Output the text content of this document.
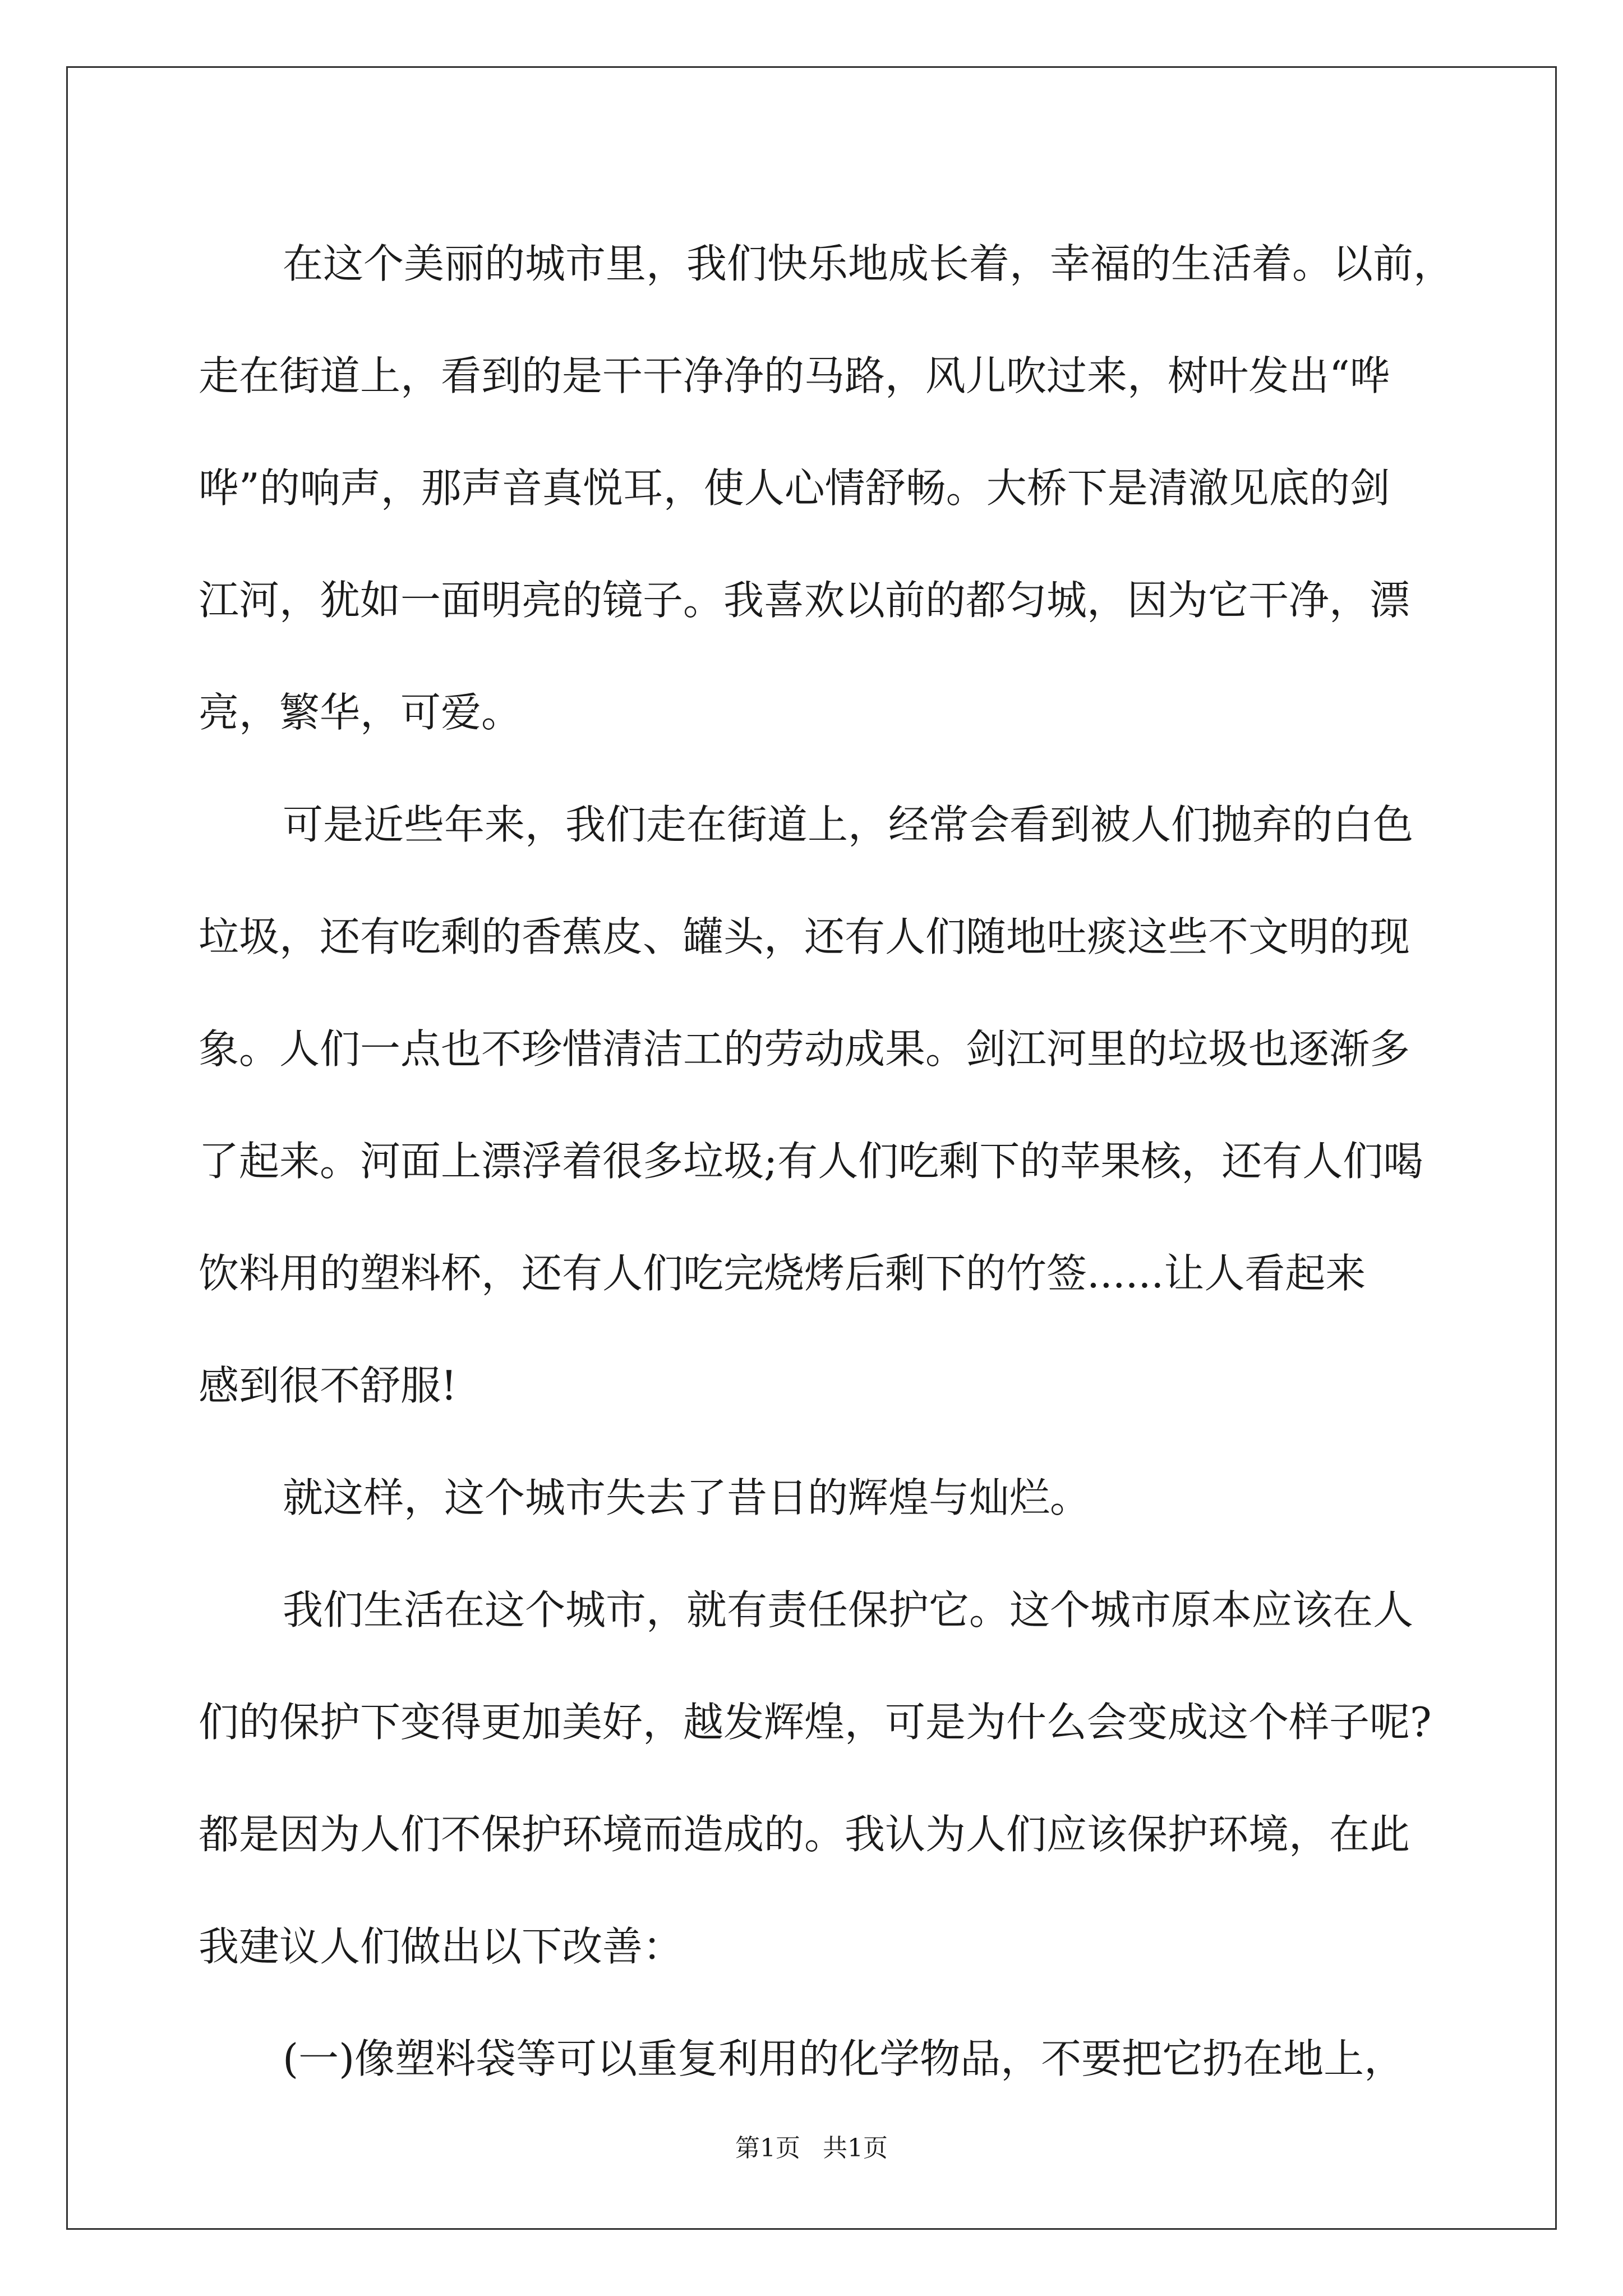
在这个美丽的城市里，我们快乐地成长着，幸福的生活着。以前，
走在街道上，看到的是干干净净的马路，风儿吹过来，树叶发出“哗
哗”的响声，那声音真悦耳，使人心情舒畅。大桥下是清澈见底的剑
江河，犹如一面明亮的镜子。我喜欢以前的都匀城，因为它干净，漂
亮，繁华，可爱。
可是近些年来，我们走在街道上，经常会看到被人们抛弃的白色
垃圾，还有吃剩的香蕉皮、罐头，还有人们随地吐痰这些不文明的现
象。人们一点也不珍惜清洁工的劳动成果。剑江河里的垃圾也逐渐多
了起来。河面上漂浮着很多垃圾;有人们吃剩下的苹果核，还有人们喝
饮料用的塑料杯，还有人们吃完烧烤后剩下的竹签......让人看起来
感到很不舒服!
就这样，这个城市失去了昔日的辉煌与灿烂。
我们生活在这个城市，就有责任保护它。这个城市原本应该在人
们的保护下变得更加美好，越发辉煌，可是为什么会变成这个样子呢?
都是因为人们不保护环境而造成的。我认为人们应该保护环境，在此
我建议人们做出以下改善：
(一)像塑料袋等可以重复利用的化学物品，不要把它扔在地上，
第1页 共1页
